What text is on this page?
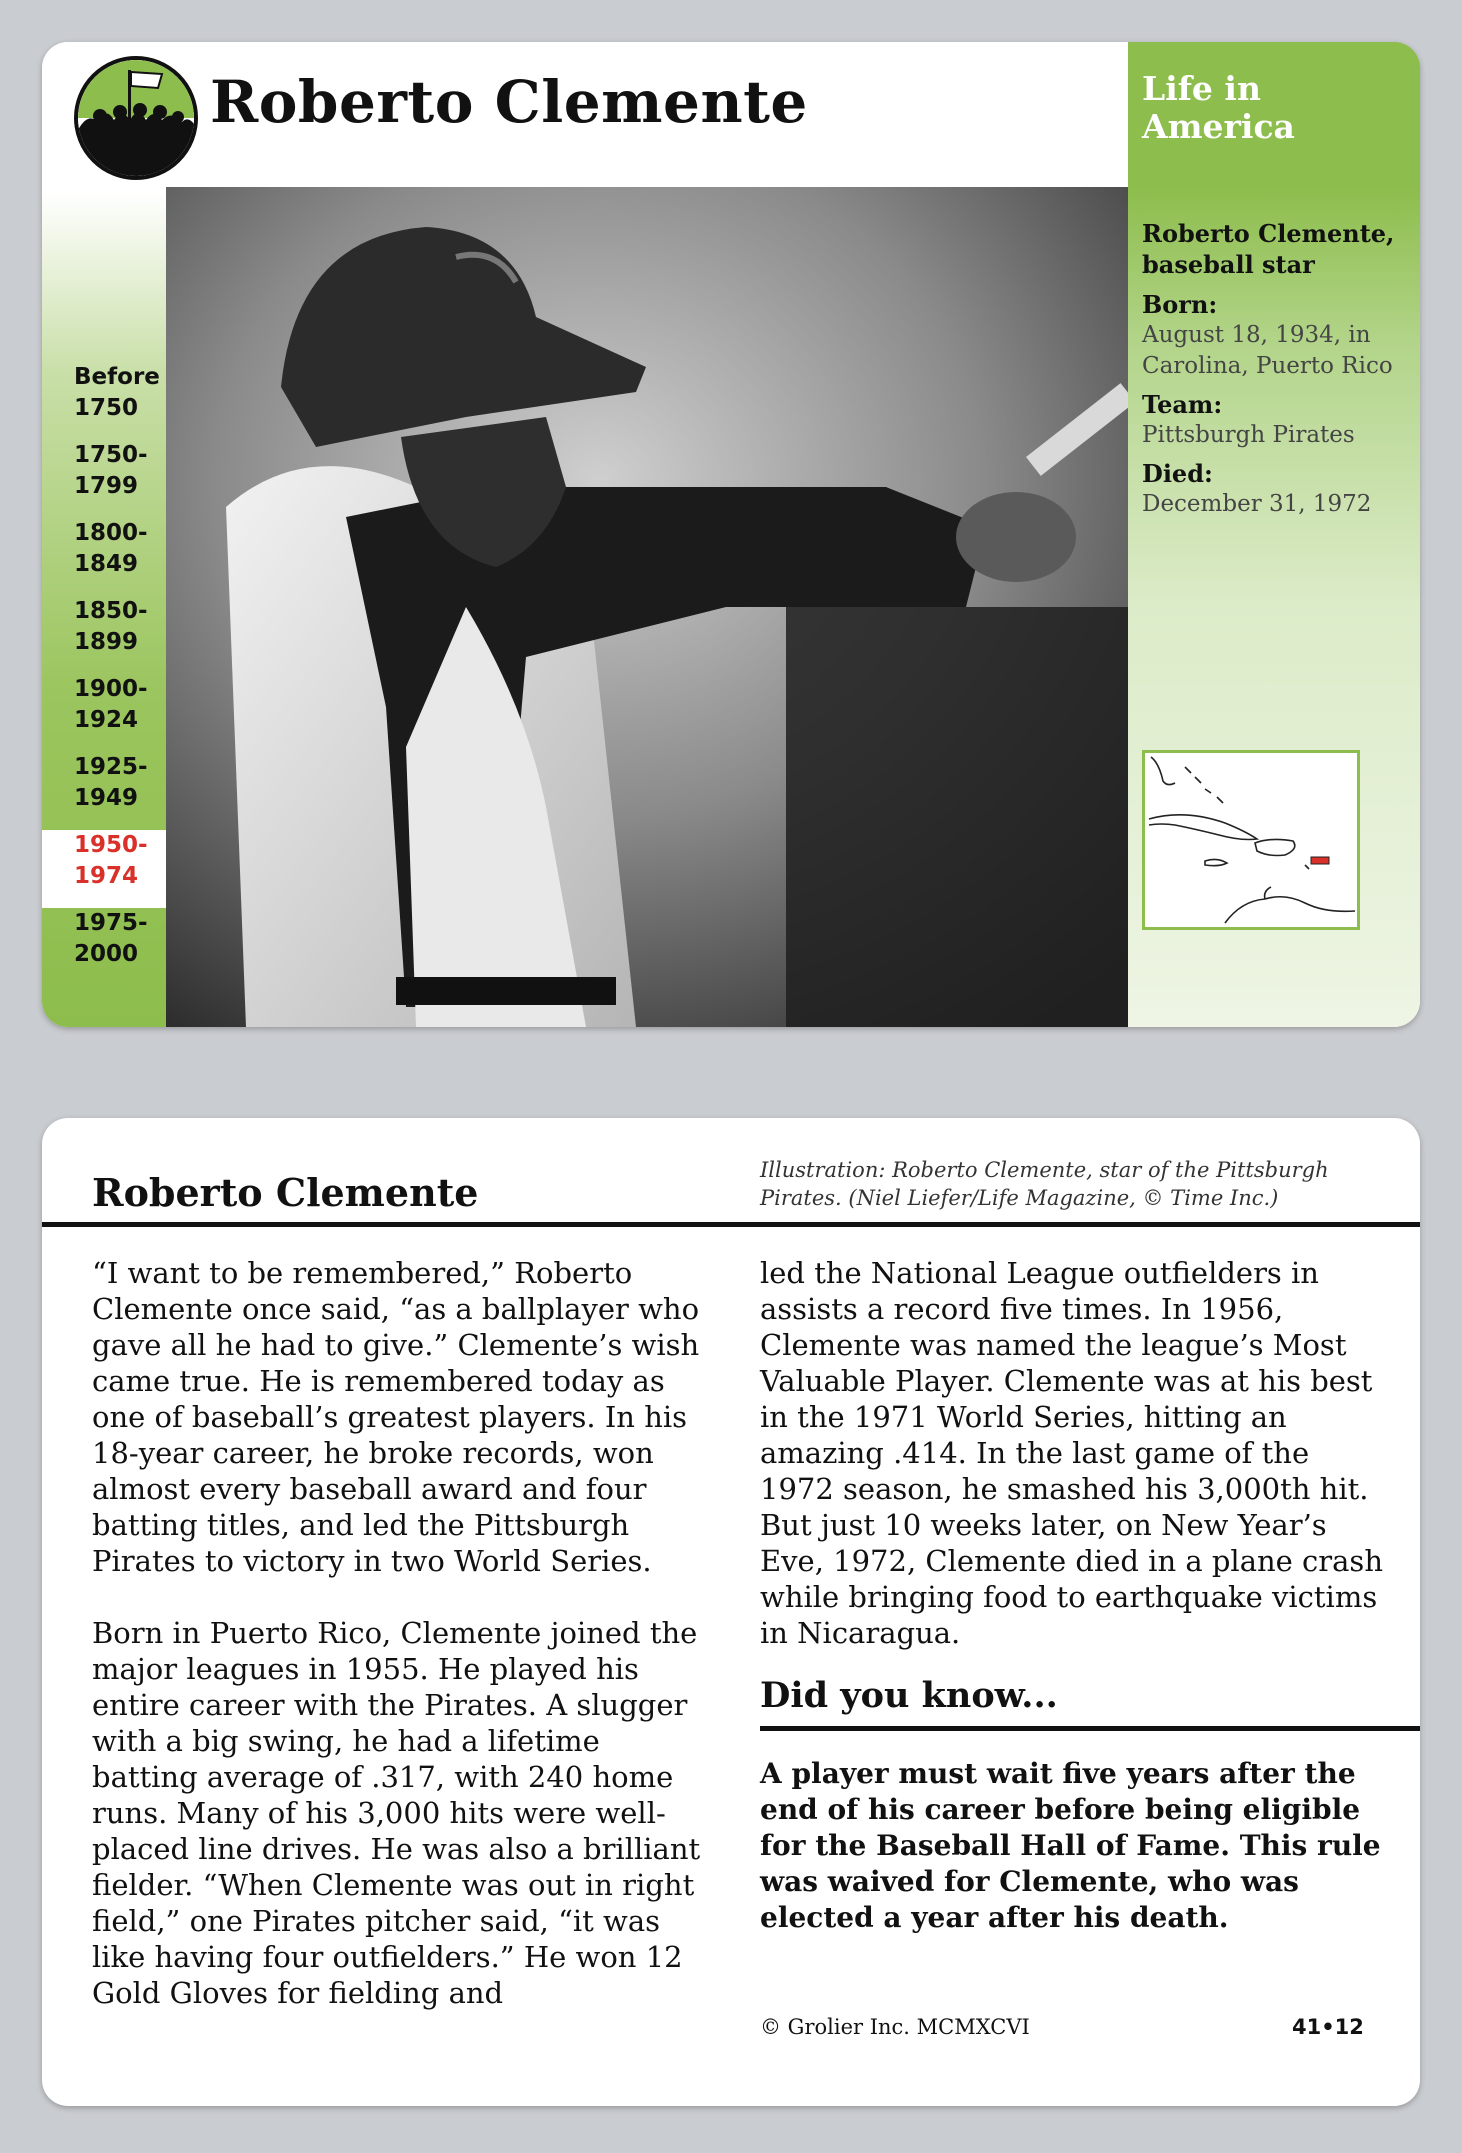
Roberto Clemente
Before 1750
1750- 1799
1800- 1849
1850- 1899
1900- 1924
1925- 1949
1950- 1974
1975- 2000
Life in America
Roberto Clemente, baseball star
Born:
August 18, 1934, in Carolina, Puerto Rico
Team:
Pittsburgh Pirates
Died:
December 31, 1972
Roberto Clemente	Illustration: Roberto Clemente, star of the Pittsburgh Pirates. (Niel Liefer/Life Magazine, © Time Inc.)

“I want to be remembered,” Roberto Clemente once said, “as a ballplayer who gave all he had to give.” Clemente’s wish came true. He is remembered today as one of baseball’s greatest players. In his 18-year career, he broke records, won almost every baseball award and four batting titles, and led the Pittsburgh Pirates to victory in two World Series.

Born in Puerto Rico, Clemente joined the major leagues in 1955. He played his entire career with the Pirates. A slugger with a big swing, he had a lifetime batting average of .317, with 240 home runs. Many of his 3,000 hits were well-placed line drives. He was also a brilliant fielder. “When Clemente was out in right field,” one Pirates pitcher said, “it was like having four outfielders.” He won 12 Gold Gloves for fielding and

led the National League outfielders in assists a record five times. In 1956, Clemente was named the league’s Most Valuable Player. Clemente was at his best in the 1971 World Series, hitting an amazing .414. In the last game of the 1972 season, he smashed his 3,000th hit. But just 10 weeks later, on New Year’s Eve, 1972, Clemente died in a plane crash while bringing food to earthquake victims in Nicaragua.

Did you know...
A player must wait five years after the end of his career before being eligible for the Baseball Hall of Fame. This rule was waived for Clemente, who was elected a year after his death.
© Grolier Inc. MCMXCVI	41•12
